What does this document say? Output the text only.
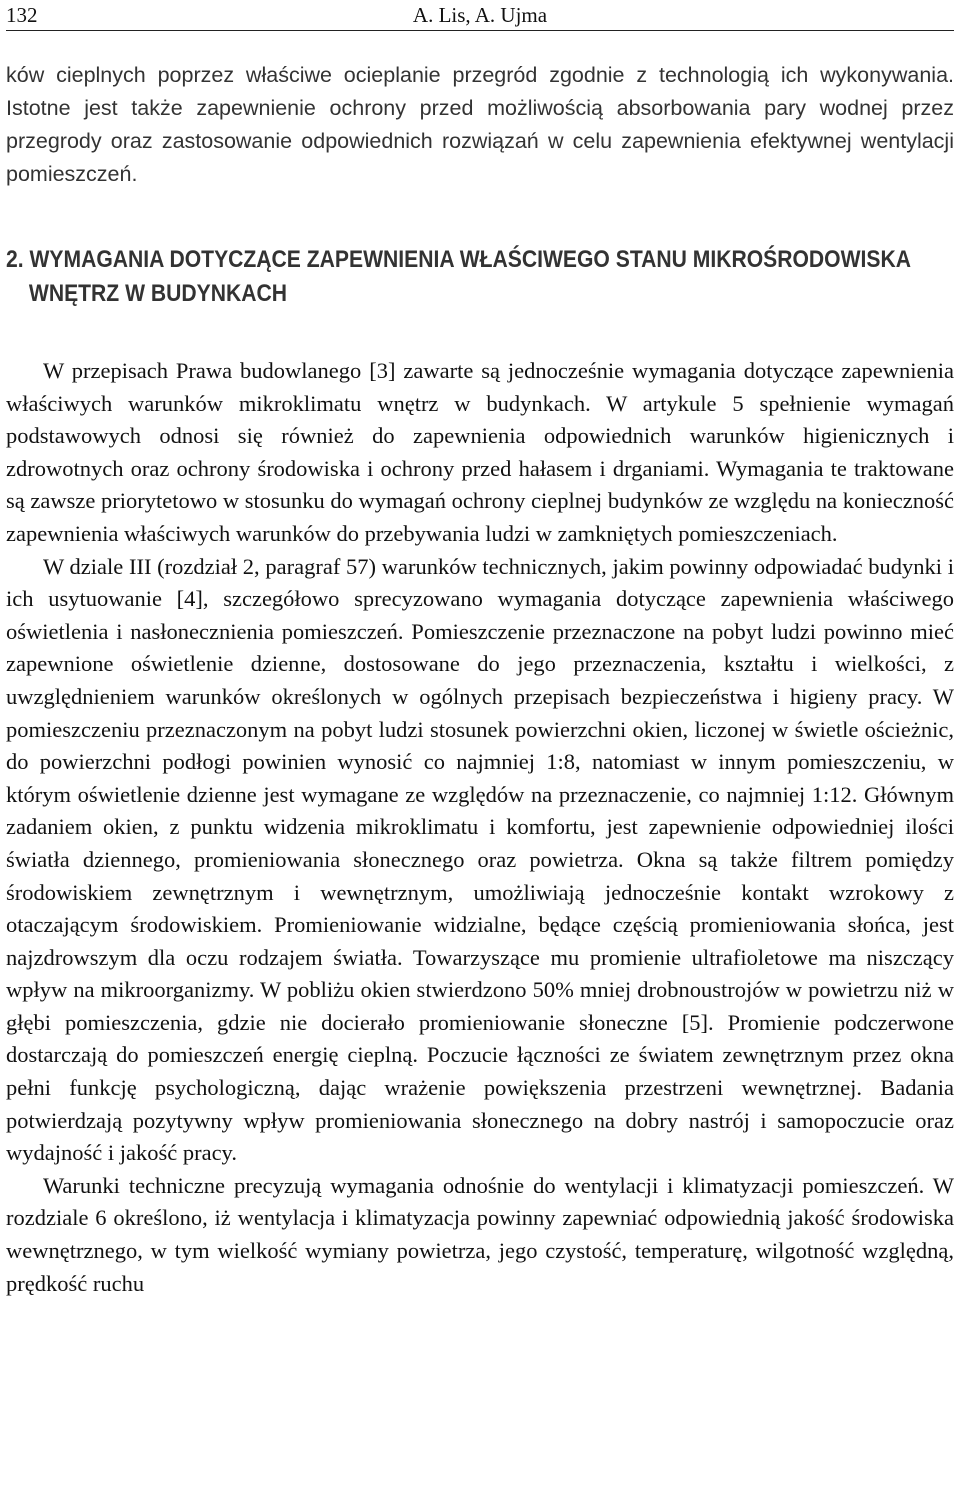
132	A. Lis, A. Ujma

ków cieplnych poprzez właściwe ocieplanie przegród zgodnie z technologią ich wykonywania. Istotne jest także zapewnienie ochrony przed możliwością absorbowania pary wodnej przez przegrody oraz zastosowanie odpowiednich rozwiązań w celu zapewnienia efektywnej wentylacji pomieszczeń.

2. WYMAGANIA DOTYCZĄCE ZAPEWNIENIA WŁAŚCIWEGO STANU MIKROŚRODOWISKA WNĘTRZ W BUDYNKACH

W przepisach Prawa budowlanego [3] zawarte są jednocześnie wymagania dotyczące zapewnienia właściwych warunków mikroklimatu wnętrz w budynkach. W artykule 5 spełnienie wymagań podstawowych odnosi się również do zapewnienia odpowiednich warunków higienicznych i zdrowotnych oraz ochrony środowiska i ochrony przed hałasem i drganiami. Wymagania te traktowane są zawsze priorytetowo w stosunku do wymagań ochrony cieplnej budynków ze względu na konieczność zapewnienia właściwych warunków do przebywania ludzi w zamkniętych pomieszczeniach.

W dziale III (rozdział 2, paragraf 57) warunków technicznych, jakim powinny odpowiadać budynki i ich usytuowanie [4], szczegółowo sprecyzowano wymagania dotyczące zapewnienia właściwego oświetlenia i nasłonecznienia pomieszczeń. Pomieszczenie przeznaczone na pobyt ludzi powinno mieć zapewnione oświetlenie dzienne, dostosowane do jego przeznaczenia, kształtu i wielkości, z uwzględnieniem warunków określonych w ogólnych przepisach bezpieczeństwa i higieny pracy. W pomieszczeniu przeznaczonym na pobyt ludzi stosunek powierzchni okien, liczonej w świetle ościeżnic, do powierzchni podłogi powinien wynosić co najmniej 1:8, natomiast w innym pomieszczeniu, w którym oświetlenie dzienne jest wymagane ze względów na przeznaczenie, co najmniej 1:12. Głównym zadaniem okien, z punktu widzenia mikroklimatu i komfortu, jest zapewnienie odpowiedniej ilości światła dziennego, promieniowania słonecznego oraz powietrza. Okna są także filtrem pomiędzy środowiskiem zewnętrznym i wewnętrznym, umożliwiają jednocześnie kontakt wzrokowy z otaczającym środowiskiem. Promieniowanie widzialne, będące częścią promieniowania słońca, jest najzdrowszym dla oczu rodzajem światła. Towarzyszące mu promienie ultrafioletowe ma niszczący wpływ na mikroorganizmy. W pobliżu okien stwierdzono 50% mniej drobnoustrojów w powietrzu niż w głębi pomieszczenia, gdzie nie docierało promieniowanie słoneczne [5]. Promienie podczerwone dostarczają do pomieszczeń energię cieplną. Poczucie łączności ze światem zewnętrznym przez okna pełni funkcję psychologiczną, dając wrażenie powiększenia przestrzeni wewnętrznej. Badania potwierdzają pozytywny wpływ promieniowania słonecznego na dobry nastrój i samopoczucie oraz wydajność i jakość pracy.

Warunki techniczne precyzują wymagania odnośnie do wentylacji i klimatyzacji pomieszczeń. W rozdziale 6 określono, iż wentylacja i klimatyzacja powinny zapewniać odpowiednią jakość środowiska wewnętrznego, w tym wielkość wymiany powietrza, jego czystość, temperaturę, wilgotność względną, prędkość ruchu
